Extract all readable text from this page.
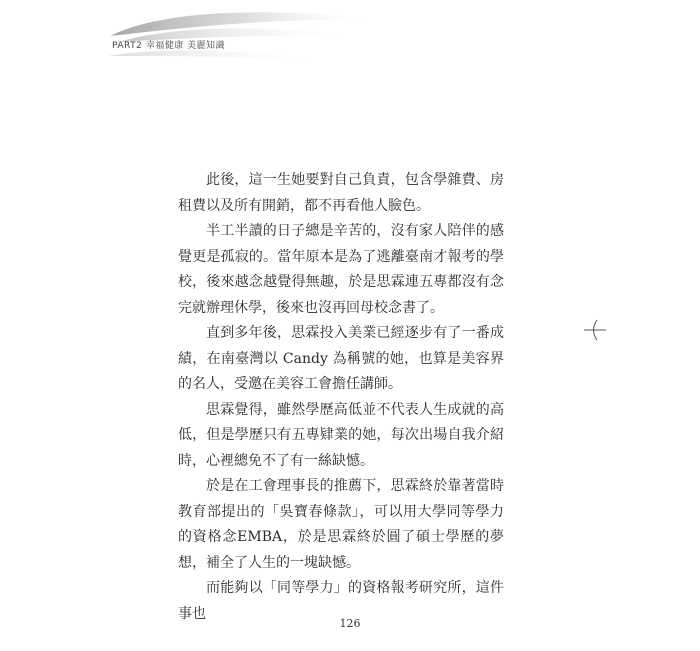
PART2 幸福健康 美麗知識

此後，這一生她要對自己負責，包含學雜費、房租費以及所有開銷，都不再看他人臉色。

半工半讀的日子總是辛苦的，沒有家人陪伴的感覺更是孤寂的。當年原本是為了逃離臺南才報考的學校，後來越念越覺得無趣，於是思霖連五專都沒有念完就辦理休學，後來也沒再回母校念書了。

直到多年後，思霖投入美業已經逐步有了一番成績，在南臺灣以 Candy 為稱號的她，也算是美容界的名人，受邀在美容工會擔任講師。

思霖覺得，雖然學歷高低並不代表人生成就的高低，但是學歷只有五專肄業的她，每次出場自我介紹時，心裡總免不了有一絲缺憾。

於是在工會理事長的推薦下，思霖終於靠著當時教育部提出的「吳寶春條款」，可以用大學同等學力的資格念EMBA，於是思霖終於圓了碩士學歷的夢想，補全了人生的一塊缺憾。

而能夠以「同等學力」的資格報考研究所，這件事也

126
